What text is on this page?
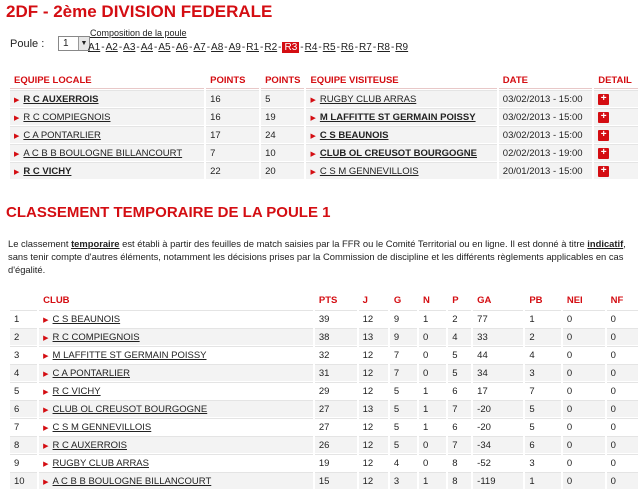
2DF - 2ème DIVISION FEDERALE
Poule :	1	▼
Composition de la poule
A1-A2-A3-A4-A5-A6-A7-A8-A9-R1-R2- R3 -R4-R5-R6-R7-R8-R9
EQUIPE LOCALE	POINTS	POINTS	EQUIPE VISITEUSE	DATE	DETAIL
▶ R C AUXERROIS	16	5	▶ RUGBY CLUB ARRAS	03/02/2013 - 15:00	+
▶ R C COMPIEGNOIS	16	19	▶ M LAFFITTE ST GERMAIN POISSY	03/02/2013 - 15:00	+
▶ C A PONTARLIER	17	24	▶ C S BEAUNOIS	03/02/2013 - 15:00	+
▶ A C B B BOULOGNE BILLANCOURT	7	10	▶ CLUB OL CREUSOT BOURGOGNE	02/02/2013 - 19:00	+
▶ R C VICHY	22	20	▶ C S M GENNEVILLOIS	20/01/2013 - 15:00	+
CLASSEMENT TEMPORAIRE DE LA POULE 1
Le classement temporaire est établi à partir des feuilles de match saisies par la FFR ou le Comité Territorial ou en ligne. Il est donné à titre indicatif, sans tenir compte d'autres éléments, notamment les décisions prises par la Commission de discipline et les différents règlements applicables en cas d'égalité.
	CLUB	PTS	J	G	N	P	GA	PB	NEI	NF
1	▶ C S BEAUNOIS	39	12	9	1	2	77	1	0	0
2	▶ R C COMPIEGNOIS	38	13	9	0	4	33	2	0	0
3	▶ M LAFFITTE ST GERMAIN POISSY	32	12	7	0	5	44	4	0	0
4	▶ C A PONTARLIER	31	12	7	0	5	34	3	0	0
5	▶ R C VICHY	29	12	5	1	6	17	7	0	0
6	▶ CLUB OL CREUSOT BOURGOGNE	27	13	5	1	7	-20	5	0	0
7	▶ C S M GENNEVILLOIS	27	12	5	1	6	-20	5	0	0
8	▶ R C AUXERROIS	26	12	5	0	7	-34	6	0	0
9	▶ RUGBY CLUB ARRAS	19	12	4	0	8	-52	3	0	0
10	▶ A C B B BOULOGNE BILLANCOURT	15	12	3	1	8	-119	1	0	0
